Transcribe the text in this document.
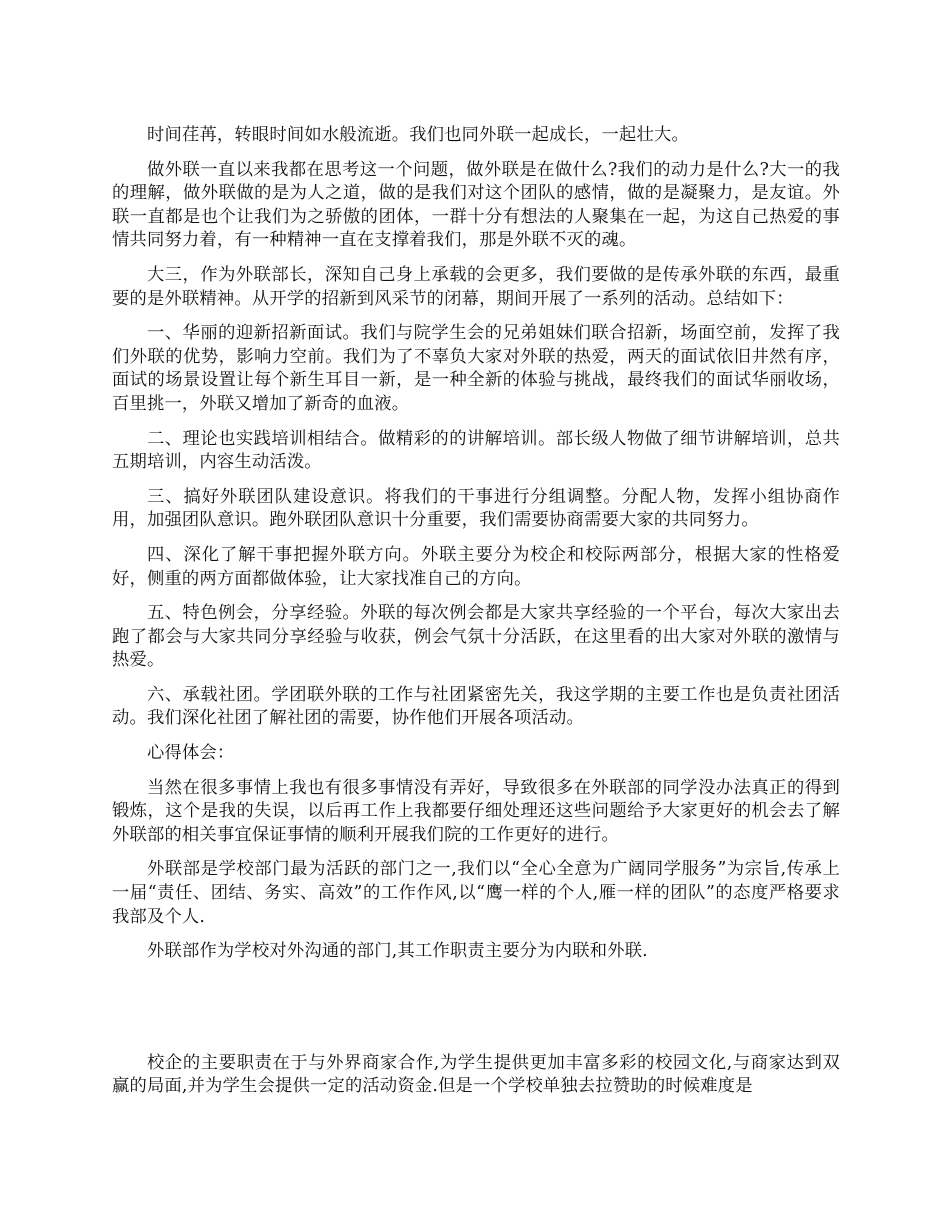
时间荏苒，转眼时间如水般流逝。我们也同外联一起成长，一起壮大。

做外联一直以来我都在思考这一个问题，做外联是在做什么?我们的动力是什么?大一的我的理解，做外联做的是为人之道，做的是我们对这个团队的感情，做的是凝聚力，是友谊。外联一直都是也个让我们为之骄傲的团体，一群十分有想法的人聚集在一起，为这自己热爱的事情共同努力着，有一种精神一直在支撑着我们，那是外联不灭的魂。

大三，作为外联部长，深知自己身上承载的会更多，我们要做的是传承外联的东西，最重要的是外联精神。从开学的招新到风采节的闭幕，期间开展了一系列的活动。总结如下：

一、华丽的迎新招新面试。我们与院学生会的兄弟姐妹们联合招新，场面空前，发挥了我们外联的优势，影响力空前。我们为了不辜负大家对外联的热爱，两天的面试依旧井然有序，面试的场景设置让每个新生耳目一新，是一种全新的体验与挑战，最终我们的面试华丽收场，百里挑一，外联又增加了新奇的血液。

二、理论也实践培训相结合。做精彩的的讲解培训。部长级人物做了细节讲解培训，总共五期培训，内容生动活泼。

三、搞好外联团队建设意识。将我们的干事进行分组调整。分配人物，发挥小组协商作用，加强团队意识。跑外联团队意识十分重要，我们需要协商需要大家的共同努力。

四、深化了解干事把握外联方向。外联主要分为校企和校际两部分，根据大家的性格爱好，侧重的两方面都做体验，让大家找准自己的方向。

五、特色例会，分享经验。外联的每次例会都是大家共享经验的一个平台，每次大家出去跑了都会与大家共同分享经验与收获，例会气氛十分活跃，在这里看的出大家对外联的激情与热爱。

六、承载社团。学团联外联的工作与社团紧密先关，我这学期的主要工作也是负责社团活动。我们深化社团了解社团的需要，协作他们开展各项活动。

心得体会：

当然在很多事情上我也有很多事情没有弄好，导致很多在外联部的同学没办法真正的得到锻炼，这个是我的失误，以后再工作上我都要仔细处理还这些问题给予大家更好的机会去了解外联部的相关事宜保证事情的顺利开展我们院的工作更好的进行。

外联部是学校部门最为活跃的部门之一,我们以“全心全意为广阔同学服务”为宗旨,传承上一届“责任、团结、务实、高效”的工作作风,以“鹰一样的个人,雁一样的团队”的态度严格要求我部及个人.

外联部作为学校对外沟通的部门,其工作职责主要分为内联和外联.

校企的主要职责在于与外界商家合作,为学生提供更加丰富多彩的校园文化,与商家达到双赢的局面,并为学生会提供一定的活动资金.但是一个学校单独去拉赞助的时候难度是
